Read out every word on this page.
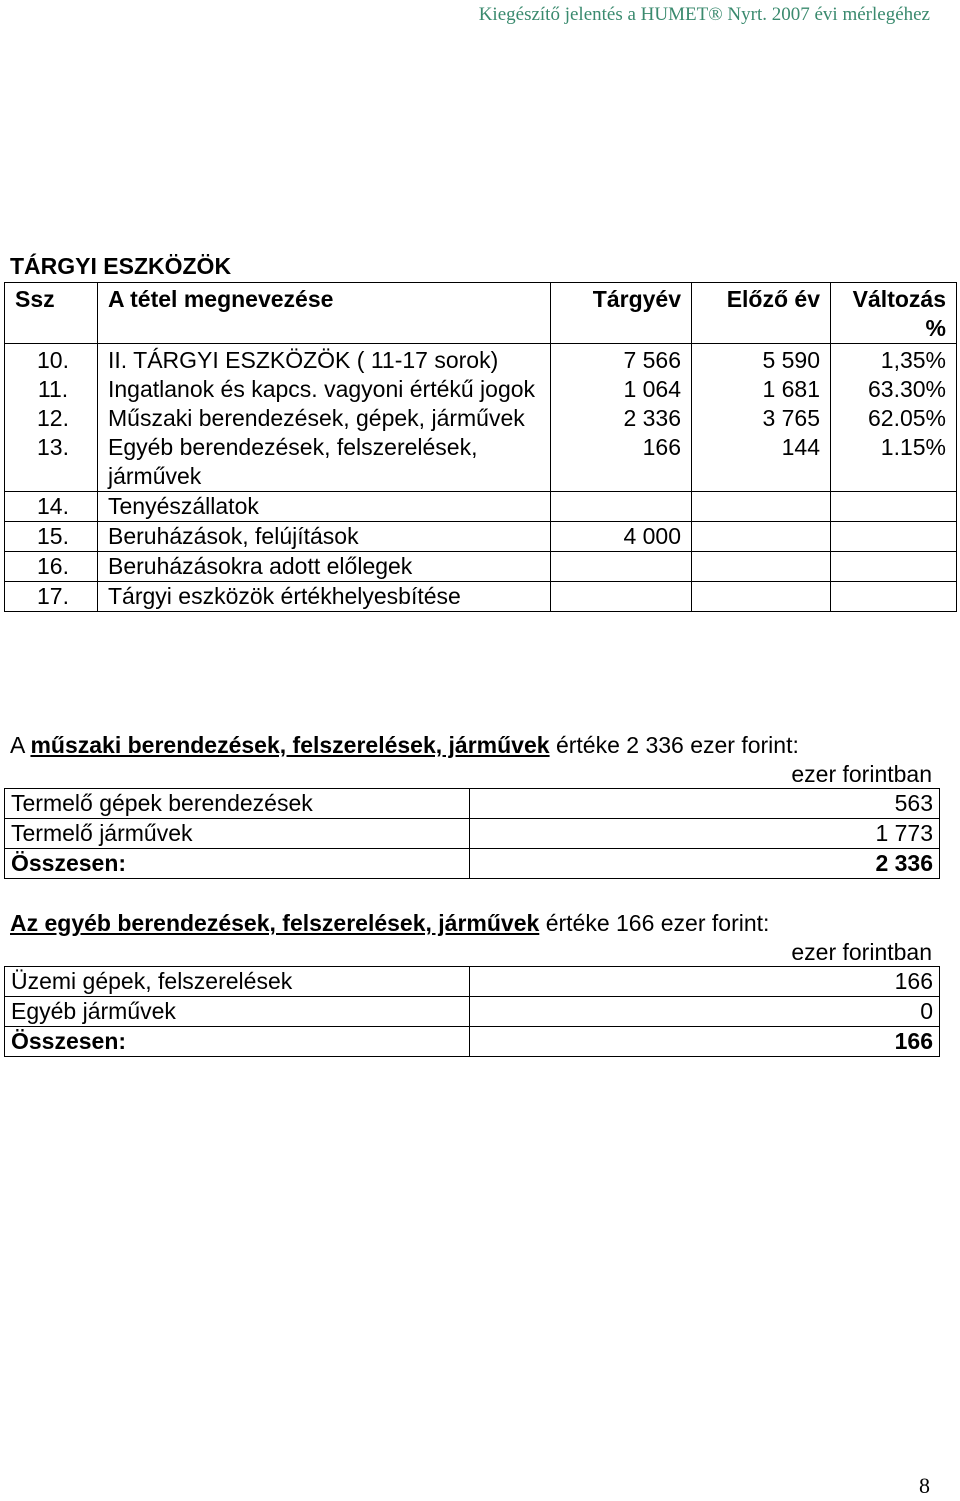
Kiegészítő jelentés a HUMET® Nyrt. 2007 évi mérlegéhez
TÁRGYI ESZKÖZÖK
Ssz	A tétel megnevezése	Tárgyév	Előző év	Változás %
10.	II. TÁRGYI ESZKÖZÖK ( 11-17 sorok)	7 566	5 590	1,35%
11.	Ingatlanok és kapcs. vagyoni értékű jogok	1 064	1 681	63.30%
12.	Műszaki berendezések, gépek, járművek	2 336	3 765	62.05%
13.	Egyéb berendezések, felszerelések, járművek	166	144	1.15%
14.	Tenyészállatok			
15.	Beruházások, felújítások	4 000		
16.	Beruházásokra adott előlegek			
17.	Tárgyi eszközök értékhelyesbítése			
A műszaki berendezések, felszerelések, járművek értéke 2 336 ezer forint:
ezer forintban
Termelő gépek berendezések	563
Termelő járművek	1 773
Összesen:	2 336
Az egyéb berendezések, felszerelések, járművek értéke 166 ezer forint:
ezer forintban
Üzemi gépek, felszerelések	166
Egyéb járművek	0
Összesen:	166
8
